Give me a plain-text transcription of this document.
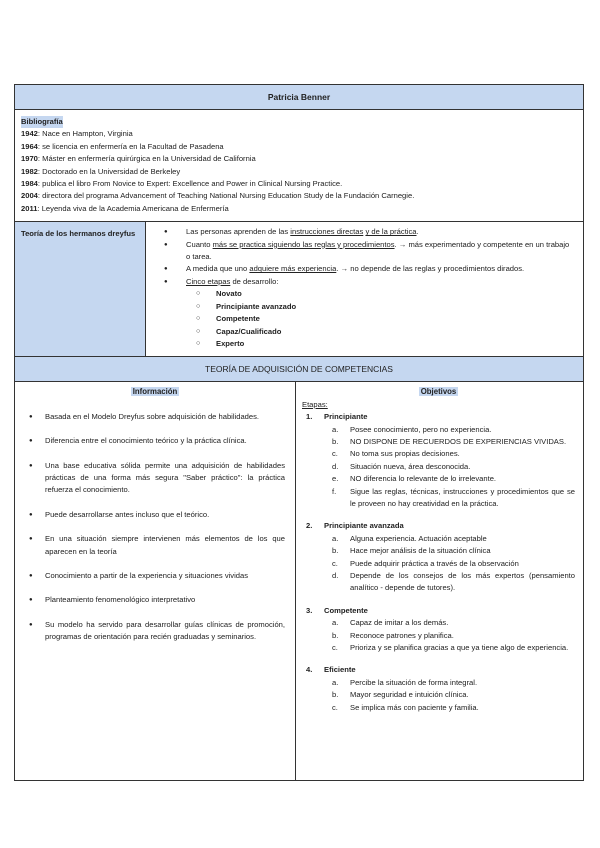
Patricia Benner

Bibliografía
1942: Nace en Hampton, Virginia
1964: se licencia en enfermería en la Facultad de Pasadena
1970: Máster en enfermería quirúrgica en la Universidad de California
1982: Doctorado en la Universidad de Berkeley
1984: publica el libro From Novice to Expert: Excellence and Power in Clinical Nursing Practice.
2004: directora del programa Advancement of Teaching National Nursing Education Study de la Fundación Carnegie.
2011: Leyenda viva de la Academia Americana de Enfermería

Teoría de los hermanos dreyfus	
●Las personas aprenden de las instrucciones directas y de la práctica.
● Cuanto más se practica siguiendo las reglas y procedimientos. → más experimentado y competente en un trabajo o tarea.
● A medida que uno adquiere más experiencia. → no depende de las reglas y procedimientos dirados.
● Cinco etapas de desarrollo:
○ Novato
○ Principiante avanzado
○ Competente
○ Capaz/Cualificado
○ Experto

TEORÍA DE ADQUISICIÓN DE COMPETENCIAS
Información
● Basada en el Modelo Dreyfus sobre adquisición de habilidades.
● Diferencia entre el conocimiento teórico y la práctica clínica.
● Una base educativa sólida permite una adquisición de habilidades prácticas de una forma más segura "Saber práctico": la práctica refuerza el conocimiento.
● Puede desarrollarse antes incluso que el teórico.
● En una situación siempre intervienen más elementos de los que aparecen en la teoría
● Conocimiento a partir de la experiencia y situaciones vividas
● Planteamiento fenomenológico interpretativo
● Su modelo ha servido para desarrollar guías clínicas de promoción, programas de orientación para recién graduadas y seminarios.

Objetivos
Etapas:
1. Principiante
a. Posee conocimiento, pero no experiencia.
b. NO DISPONE DE RECUERDOS DE EXPERIENCIAS VIVIDAS.
c. No toma sus propias decisiones.
d. Situación nueva, área desconocida.
e. NO diferencia lo relevante de lo irrelevante.
f. Sigue las reglas, técnicas, instrucciones y procedimientos que se le proveen no hay creatividad en la práctica.
2. Principiante avanzada
a. Alguna experiencia. Actuación aceptable
b. Hace mejor análisis de la situación clínica
c. Puede adquirir práctica a través de la observación
d. Depende de los consejos de los más expertos (pensamiento analítico - depende de tutores).
3. Competente
a. Capaz de imitar a los demás.
b. Reconoce patrones y planifica.
c. Prioriza y se planifica gracias a que ya tiene algo de experiencia.
4. Eficiente
a. Percibe la situación de forma integral.
b. Mayor seguridad e intuición clínica.
c. Se implica más con paciente y familia.
